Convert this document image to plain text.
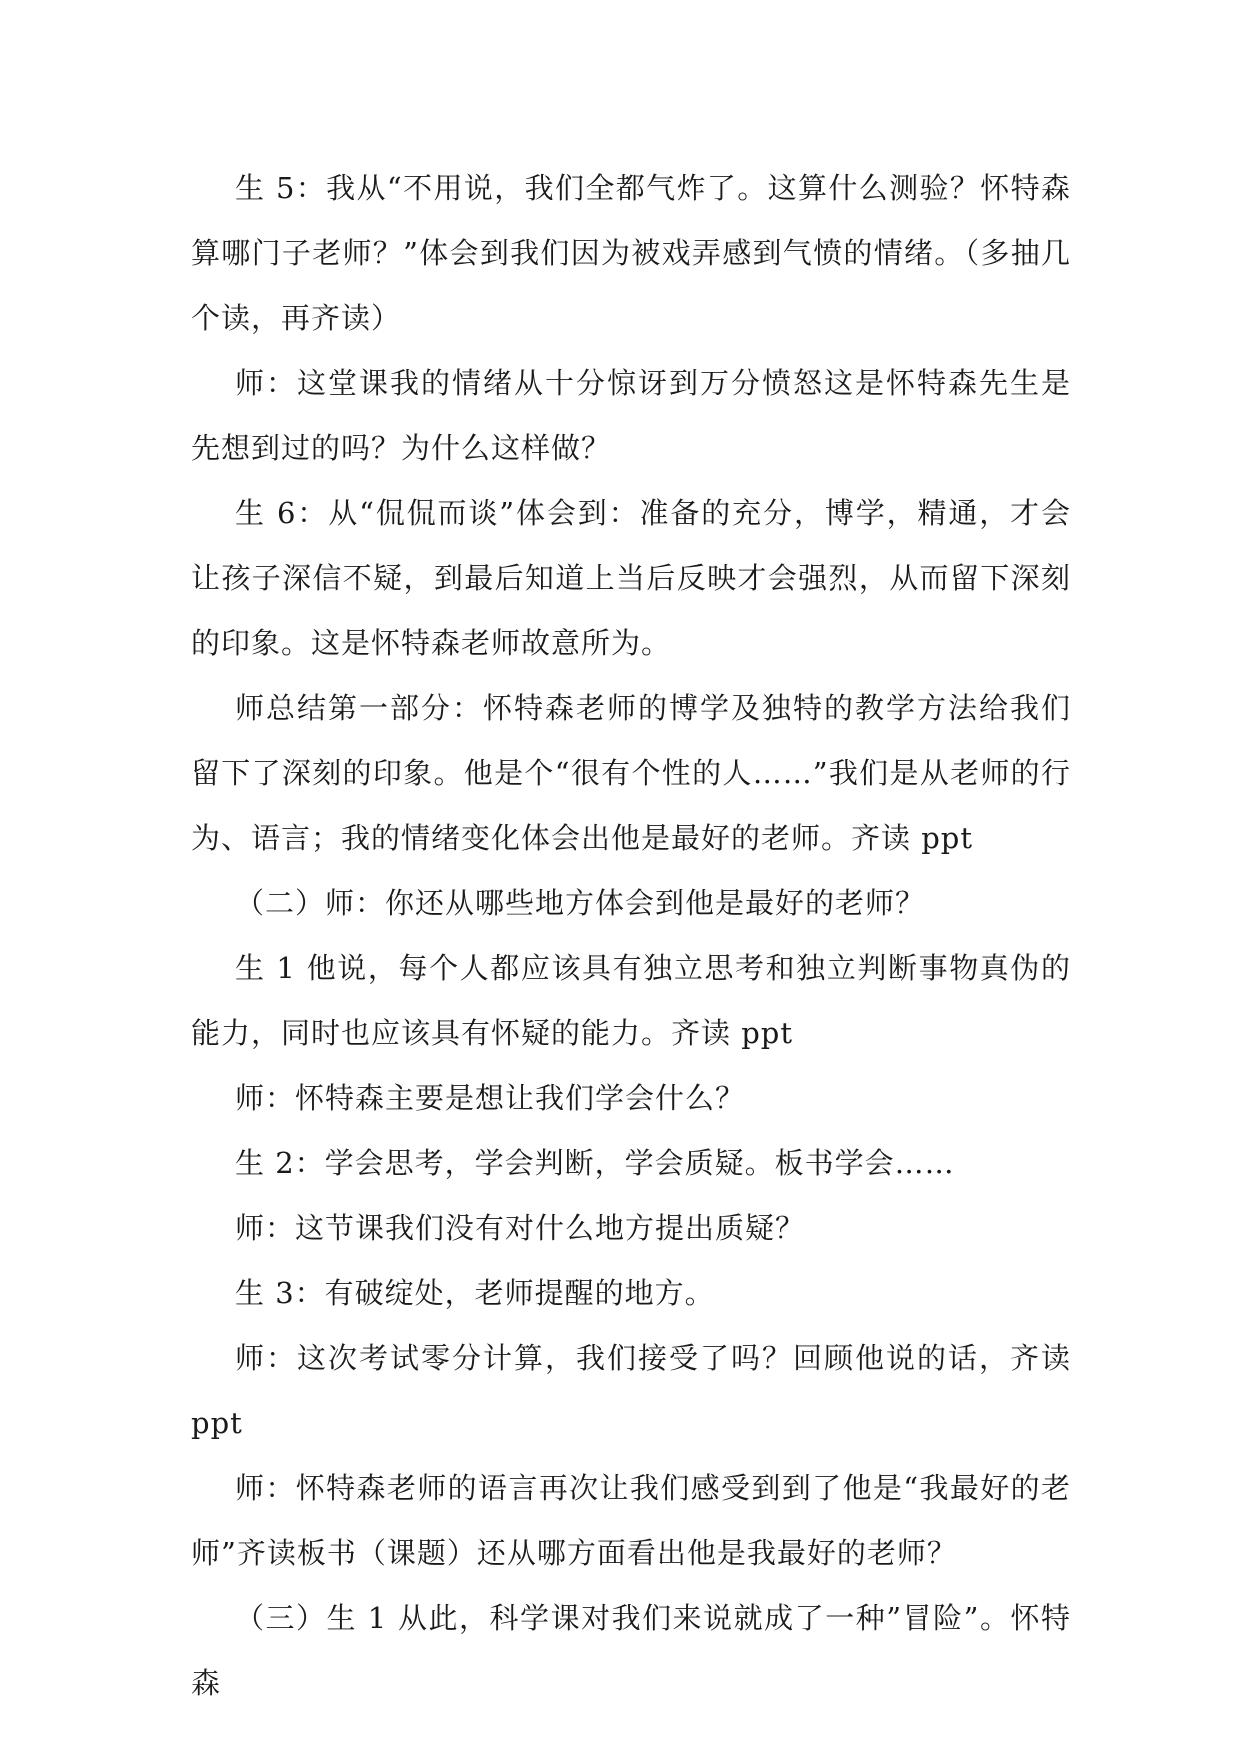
生 5：我从“不用说，我们全都气炸了。这算什么测验？怀特森算哪门子老师？”体会到我们因为被戏弄感到气愤的情绪。（多抽几个读，再齐读）

师：这堂课我的情绪从十分惊讶到万分愤怒这是怀特森先生是先想到过的吗？为什么这样做？

生 6：从“侃侃而谈”体会到：准备的充分，博学，精通，才会让孩子深信不疑，到最后知道上当后反映才会强烈，从而留下深刻的印象。这是怀特森老师故意所为。

师总结第一部分：怀特森老师的博学及独特的教学方法给我们留下了深刻的印象。他是个“很有个性的人……”我们是从老师的行为、语言；我的情绪变化体会出他是最好的老师。齐读 ppt

（二）师：你还从哪些地方体会到他是最好的老师？

生 1 他说，每个人都应该具有独立思考和独立判断事物真伪的能力，同时也应该具有怀疑的能力。齐读 ppt

师：怀特森主要是想让我们学会什么？

生 2：学会思考，学会判断，学会质疑。板书学会……

师：这节课我们没有对什么地方提出质疑？

生 3：有破绽处，老师提醒的地方。

师：这次考试零分计算，我们接受了吗？回顾他说的话，齐读 ppt

师：怀特森老师的语言再次让我们感受到到了他是“我最好的老师”齐读板书（课题）还从哪方面看出他是我最好的老师？

（三）生 1 从此，科学课对我们来说就成了一种”冒险”。怀特森
